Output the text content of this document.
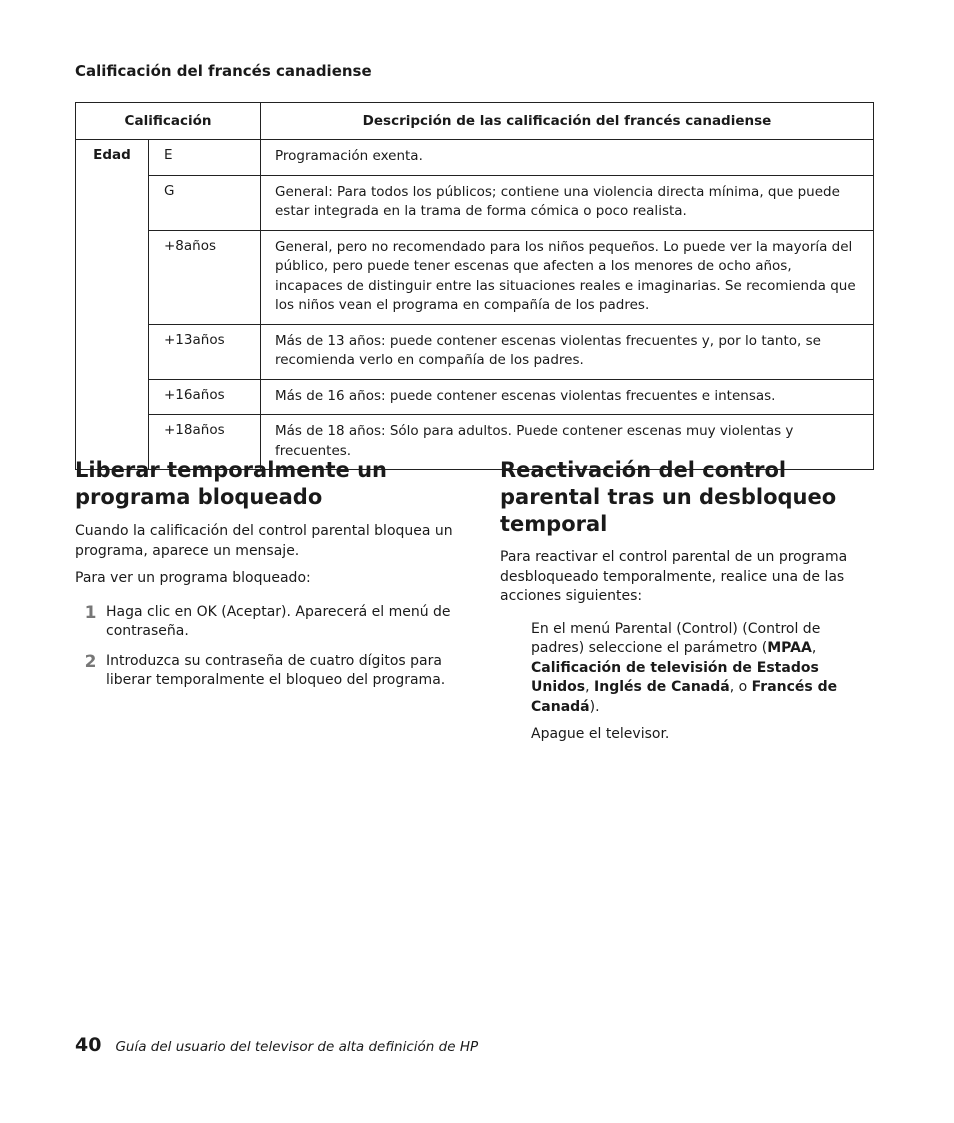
Calificación del francés canadiense
Calificación		Descripción de las calificación del francés canadiense
Edad	E	Programación exenta.
	G	General: Para todos los públicos; contiene una violencia directa mínima, que puede estar integrada en la trama de forma cómica o poco realista.
	+8años	General, pero no recomendado para los niños pequeños. Lo puede ver la mayoría del público, pero puede tener escenas que afecten a los menores de ocho años, incapaces de distinguir entre las situaciones reales e imaginarias. Se recomienda que los niños vean el programa en compañía de los padres.
	+13años	Más de 13 años: puede contener escenas violentas frecuentes y, por lo tanto, se recomienda verlo en compañía de los padres.
	+16años	Más de 16 años: puede contener escenas violentas frecuentes e intensas.
	+18años	Más de 18 años: Sólo para adultos. Puede contener escenas muy violentas y frecuentes.
Liberar temporalmente un programa bloqueado

Cuando la calificación del control parental bloquea un programa, aparece un mensaje.

Para ver un programa bloqueado:

1 Haga clic en OK (Aceptar). Aparecerá el menú de contraseña.

2 Introduzca su contraseña de cuatro dígitos para liberar temporalmente el bloqueo del programa.

Reactivación del control parental tras un desbloqueo temporal

Para reactivar el control parental de un programa desbloqueado temporalmente, realice una de las acciones siguientes:

En el menú Parental (Control) (Control de padres) seleccione el parámetro (MPAA, Calificación de televisión de Estados Unidos, Inglés de Canadá, o Francés de Canadá).

Apague el televisor.

40 Guía del usuario del televisor de alta definición de HP
